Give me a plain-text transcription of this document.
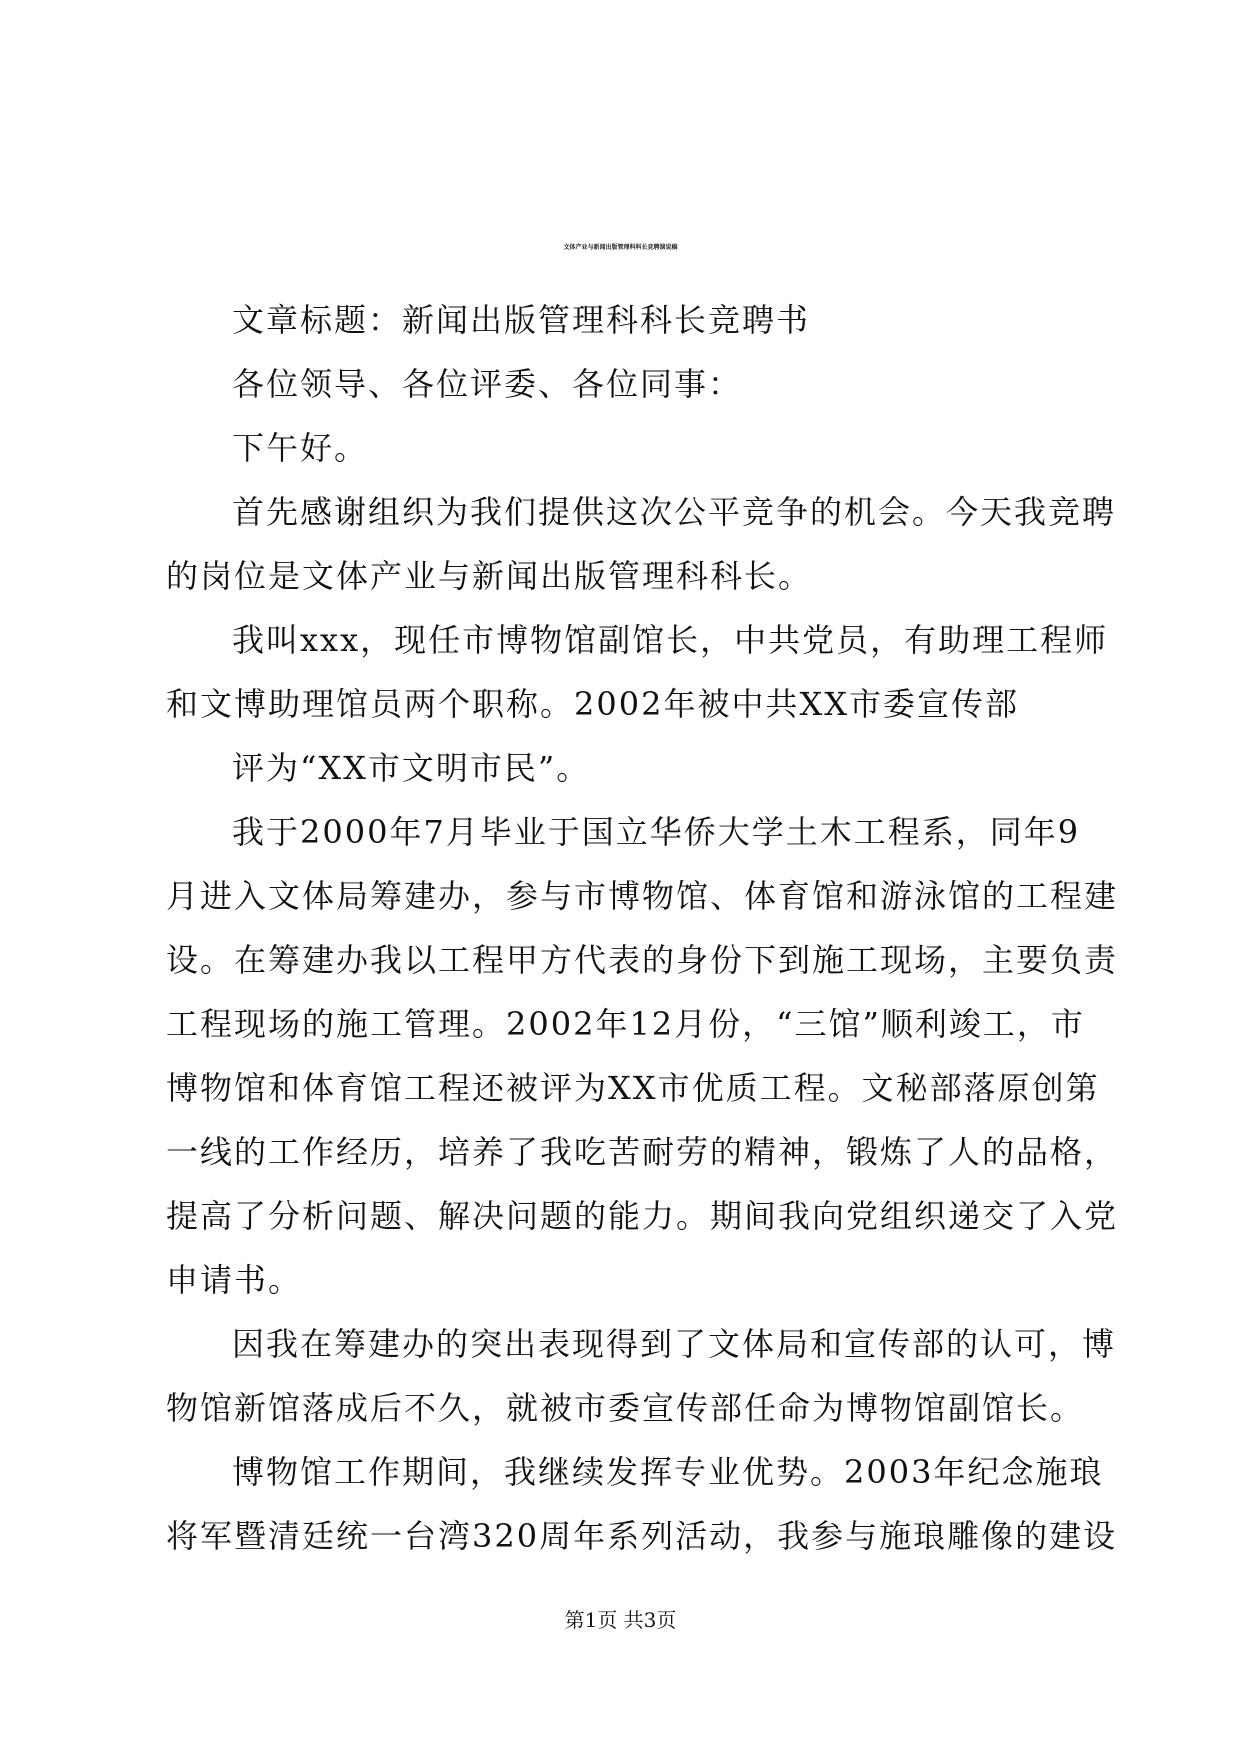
文体产业与新闻出版管理科科长竞聘演说稿
文章标题：新闻出版管理科科长竞聘书
各位领导、各位评委、各位同事：
下午好。
首先感谢组织为我们提供这次公平竞争的机会。今天我竞聘
的岗位是文体产业与新闻出版管理科科长。
我叫xxx，现任市博物馆副馆长，中共党员，有助理工程师
和文博助理馆员两个职称。2002年被中共XX市委宣传部
评为“XX市文明市民”。
我于2000年7月毕业于国立华侨大学土木工程系，同年9
月进入文体局筹建办，参与市博物馆、体育馆和游泳馆的工程建
设。在筹建办我以工程甲方代表的身份下到施工现场，主要负责
工程现场的施工管理。2002年12月份，“三馆”顺利竣工，市
博物馆和体育馆工程还被评为XX市优质工程。文秘部落原创第
一线的工作经历，培养了我吃苦耐劳的精神，锻炼了人的品格，
提高了分析问题、解决问题的能力。期间我向党组织递交了入党
申请书。
因我在筹建办的突出表现得到了文体局和宣传部的认可，博
物馆新馆落成后不久，就被市委宣传部任命为博物馆副馆长。
博物馆工作期间，我继续发挥专业优势。2003年纪念施琅
将军暨清廷统一台湾320周年系列活动，我参与施琅雕像的建设
第1页 共3页
